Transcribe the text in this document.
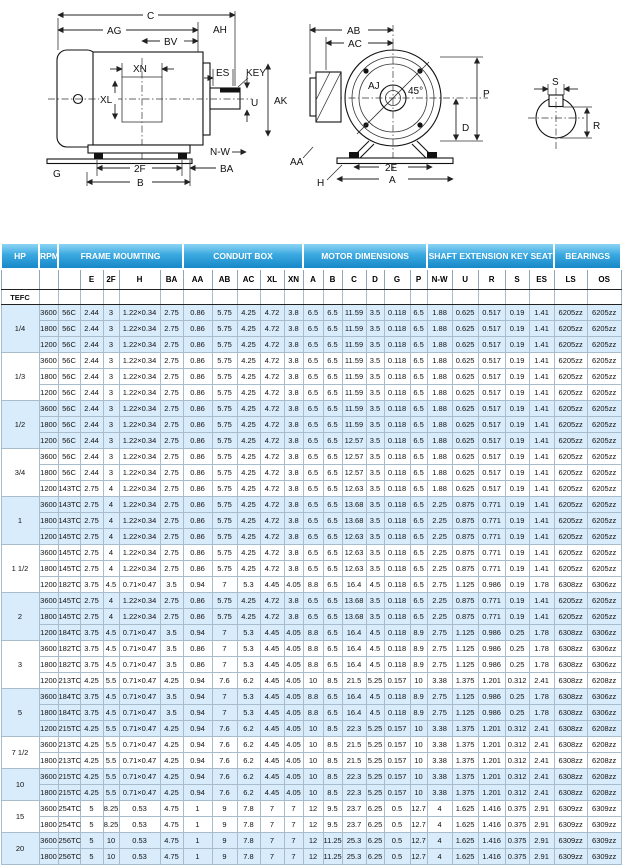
C
AG	AH
BV
XN
XL
ES KEY
U AK
N-W
G	2F
B
BA
AB
AC
AJ	45°	P
D
2E
A
AA
H
S
R
HP	RPM	FRAME MOUMTING					CONDUIT BOX					MOTOR DIMENSIONS						SHAFT EXTENSION KEY SEAT					BEARINGS	
			E	2F	H	BA	AA	AB	AC	XL	XN	A	B	C	D	G	P	N-W	U	R	S	ES	LS	OS
TEFC																								
1/4	3600	56C	2.44	3	1.22×0.34	2.75	0.86	5.75	4.25	4.72	3.8	6.5	6.5	11.59	3.5	0.118	6.5	1.88	0.625	0.517	0.19	1.41	6205zz	6205zz
	1800	56C	2.44	3	1.22×0.34	2.75	0.86	5.75	4.25	4.72	3.8	6.5	6.5	11.59	3.5	0.118	6.5	1.88	0.625	0.517	0.19	1.41	6205zz	6205zz
	1200	56C	2.44	3	1.22×0.34	2.75	0.86	5.75	4.25	4.72	3.8	6.5	6.5	11.59	3.5	0.118	6.5	1.88	0.625	0.517	0.19	1.41	6205zz	6205zz
1/3	3600	56C	2.44	3	1.22×0.34	2.75	0.86	5.75	4.25	4.72	3.8	6.5	6.5	11.59	3.5	0.118	6.5	1.88	0.625	0.517	0.19	1.41	6205zz	6205zz
	1800	56C	2.44	3	1.22×0.34	2.75	0.86	5.75	4.25	4.72	3.8	6.5	6.5	11.59	3.5	0.118	6.5	1.88	0.625	0.517	0.19	1.41	6205zz	6205zz
	1200	56C	2.44	3	1.22×0.34	2.75	0.86	5.75	4.25	4.72	3.8	6.5	6.5	11.59	3.5	0.118	6.5	1.88	0.625	0.517	0.19	1.41	6205zz	6205zz
1/2	3600	56C	2.44	3	1.22×0.34	2.75	0.86	5.75	4.25	4.72	3.8	6.5	6.5	11.59	3.5	0.118	6.5	1.88	0.625	0.517	0.19	1.41	6205zz	6205zz
	1800	56C	2.44	3	1.22×0.34	2.75	0.86	5.75	4.25	4.72	3.8	6.5	6.5	11.59	3.5	0.118	6.5	1.88	0.625	0.517	0.19	1.41	6205zz	6205zz
	1200	56C	2.44	3	1.22×0.34	2.75	0.86	5.75	4.25	4.72	3.8	6.5	6.5	12.57	3.5	0.118	6.5	1.88	0.625	0.517	0.19	1.41	6205zz	6205zz
3/4	3600	56C	2.44	3	1.22×0.34	2.75	0.86	5.75	4.25	4.72	3.8	6.5	6.5	12.57	3.5	0.118	6.5	1.88	0.625	0.517	0.19	1.41	6205zz	6205zz
	1800	56C	2.44	3	1.22×0.34	2.75	0.86	5.75	4.25	4.72	3.8	6.5	6.5	12.57	3.5	0.118	6.5	1.88	0.625	0.517	0.19	1.41	6205zz	6205zz
	1200	143TC	2.75	4	1.22×0.34	2.75	0.86	5.75	4.25	4.72	3.8	6.5	6.5	12.63	3.5	0.118	6.5	1.88	0.625	0.517	0.19	1.41	6205zz	6205zz
1	3600	143TC	2.75	4	1.22×0.34	2.75	0.86	5.75	4.25	4.72	3.8	6.5	6.5	13.68	3.5	0.118	6.5	2.25	0.875	0.771	0.19	1.41	6205zz	6205zz
	1800	143TC	2.75	4	1.22×0.34	2.75	0.86	5.75	4.25	4.72	3.8	6.5	6.5	13.68	3.5	0.118	6.5	2.25	0.875	0.771	0.19	1.41	6205zz	6205zz
	1200	145TC	2.75	4	1.22×0.34	2.75	0.86	5.75	4.25	4.72	3.8	6.5	6.5	12.63	3.5	0.118	6.5	2.25	0.875	0.771	0.19	1.41	6205zz	6205zz
1 1/2	3600	145TC	2.75	4	1.22×0.34	2.75	0.86	5.75	4.25	4.72	3.8	6.5	6.5	12.63	3.5	0.118	6.5	2.25	0.875	0.771	0.19	1.41	6205zz	6205zz
	1800	145TC	2.75	4	1.22×0.34	2.75	0.86	5.75	4.25	4.72	3.8	6.5	6.5	12.63	3.5	0.118	6.5	2.25	0.875	0.771	0.19	1.41	6205zz	6205zz
	1200	182TC	3.75	4.5	0.71×0.47	3.5	0.94	7	5.3	4.45	4.05	8.8	6.5	16.4	4.5	0.118	6.5	2.75	1.125	0.986	0.19	1.78	6308zz	6306zz
2	3600	145TC	2.75	4	1.22×0.34	2.75	0.86	5.75	4.25	4.72	3.8	6.5	6.5	13.68	3.5	0.118	6.5	2.25	0.875	0.771	0.19	1.41	6205zz	6205zz
	1800	145TC	2.75	4	1.22×0.34	2.75	0.86	5.75	4.25	4.72	3.8	6.5	6.5	13.68	3.5	0.118	6.5	2.25	0.875	0.771	0.19	1.41	6205zz	6205zz
	1200	184TC	3.75	4.5	0.71×0.47	3.5	0.94	7	5.3	4.45	4.05	8.8	6.5	16.4	4.5	0.118	8.9	2.75	1.125	0.986	0.25	1.78	6308zz	6306zz
3	3600	182TC	3.75	4.5	0.71×0.47	3.5	0.86	7	5.3	4.45	4.05	8.8	6.5	16.4	4.5	0.118	8.9	2.75	1.125	0.986	0.25	1.78	6308zz	6306zz
	1800	182TC	3.75	4.5	0.71×0.47	3.5	0.86	7	5.3	4.45	4.05	8.8	6.5	16.4	4.5	0.118	8.9	2.75	1.125	0.986	0.25	1.78	6308zz	6306zz
	1200	213TC	4.25	5.5	0.71×0.47	4.25	0.94	7.6	6.2	4.45	4.05	10	8.5	21.5	5.25	0.157	10	3.38	1.375	1.201	0.312	2.41	6308zz	6208zz
5	3600	184TC	3.75	4.5	0.71×0.47	3.5	0.94	7	5.3	4.45	4.05	8.8	6.5	16.4	4.5	0.118	8.9	2.75	1.125	0.986	0.25	1.78	6308zz	6306zz
	1800	184TC	3.75	4.5	0.71×0.47	3.5	0.94	7	5.3	4.45	4.05	8.8	6.5	16.4	4.5	0.118	8.9	2.75	1.125	0.986	0.25	1.78	6308zz	6306zz
	1200	215TC	4.25	5.5	0.71×0.47	4.25	0.94	7.6	6.2	4.45	4.05	10	8.5	22.3	5.25	0.157	10	3.38	1.375	1.201	0.312	2.41	6308zz	6208zz
7 1/2	3600	213TC	4.25	5.5	0.71×0.47	4.25	0.94	7.6	6.2	4.45	4.05	10	8.5	21.5	5.25	0.157	10	3.38	1.375	1.201	0.312	2.41	6308zz	6208zz
	1800	213TC	4.25	5.5	0.71×0.47	4.25	0.94	7.6	6.2	4.45	4.05	10	8.5	21.5	5.25	0.157	10	3.38	1.375	1.201	0.312	2.41	6308zz	6208zz
10	3600	215TC	4.25	5.5	0.71×0.47	4.25	0.94	7.6	6.2	4.45	4.05	10	8.5	22.3	5.25	0.157	10	3.38	1.375	1.201	0.312	2.41	6308zz	6208zz
	1800	215TC	4.25	5.5	0.71×0.47	4.25	0.94	7.6	6.2	4.45	4.05	10	8.5	22.3	5.25	0.157	10	3.38	1.375	1.201	0.312	2.41	6308zz	6208zz
15	3600	254TC	5	8.25	0.53	4.75	1	9	7.8	7	7	12	9.5	23.7	6.25	0.5	12.7	4	1.625	1.416	0.375	2.91	6309zz	6309zz
	1800	254TC	5	8.25	0.53	4.75	1	9	7.8	7	7	12	9.5	23.7	6.25	0.5	12.7	4	1.625	1.416	0.375	2.91	6309zz	6309zz
20	3600	256TC	5	10	0.53	4.75	1	9	7.8	7	7	12	11.25	25.3	6.25	0.5	12.7	4	1.625	1.416	0.375	2.91	6309zz	6309zz
	1800	256TC	5	10	0.53	4.75	1	9	7.8	7	7	12	11.25	25.3	6.25	0.5	12.7	4	1.625	1.416	0.375	2.91	6309zz	6309zz
